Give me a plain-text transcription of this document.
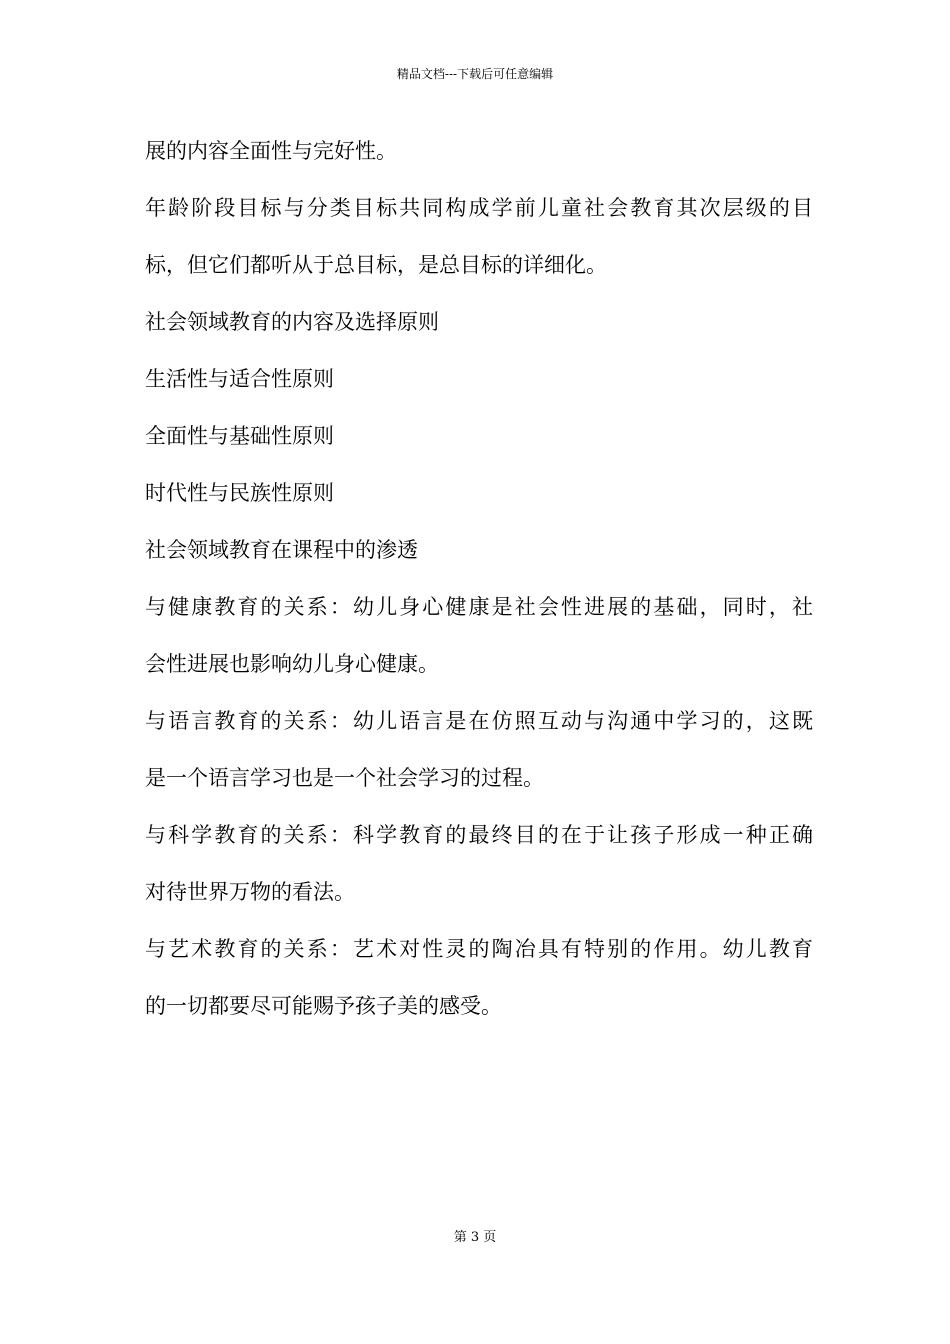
精品文档---下载后可任意编辑
展的内容全面性与完好性。
年龄阶段目标与分类目标共同构成学前儿童社会教育其次层级的目
标，但它们都听从于总目标，是总目标的详细化。
社会领域教育的内容及选择原则
生活性与适合性原则
全面性与基础性原则
时代性与民族性原则
社会领域教育在课程中的渗透
与健康教育的关系：幼儿身心健康是社会性进展的基础，同时，社
会性进展也影响幼儿身心健康。
与语言教育的关系：幼儿语言是在仿照互动与沟通中学习的，这既
是一个语言学习也是一个社会学习的过程。
与科学教育的关系：科学教育的最终目的在于让孩子形成一种正确
对待世界万物的看法。
与艺术教育的关系：艺术对性灵的陶冶具有特别的作用。幼儿教育
的一切都要尽可能赐予孩子美的感受。
第 3 页
